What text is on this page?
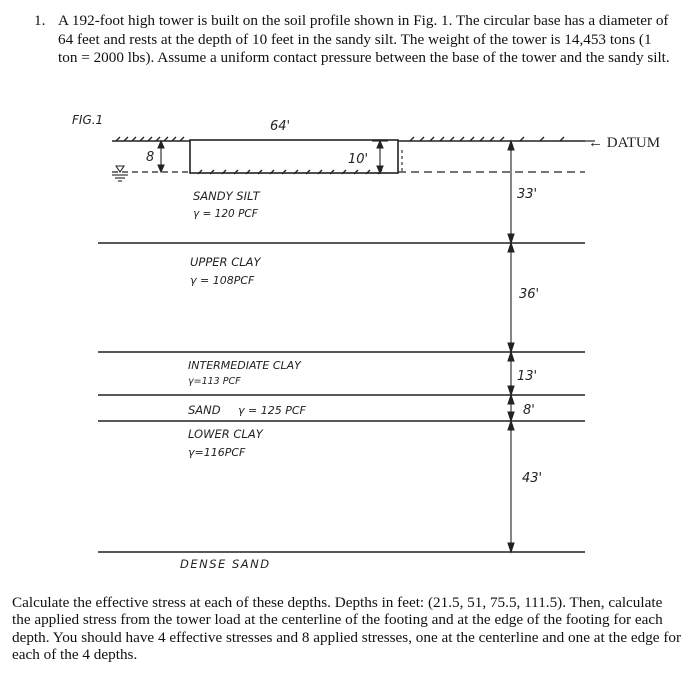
1. A 192-foot high tower is built on the soil profile shown in Fig. 1. The circular base has a diameter of 64 feet and rests at the depth of 10 feet in the sandy silt. The weight of the tower is 14,453 tons (1 ton = 2000 lbs). Assume a uniform contact pressure between the base of the tower and the sandy silt.
FIG.1
← DATUM
64'
8	10'
33'
36'
13'
8'
43'
SANDY SILT
γ = 120 PCF
UPPER CLAY
γ = 108PCF
INTERMEDIATE CLAY
γ=113 PCF
SAND γ = 125 PCF
LOWER CLAY
γ=116PCF
DENSE SAND
Calculate the effective stress at each of these depths. Depths in feet: (21.5, 51, 75.5, 111.5). Then, calculate the applied stress from the tower load at the centerline of the footing and at the edge of the footing for each depth. You should have 4 effective stresses and 8 applied stresses, one at the centerline and one at the edge for each of the 4 depths.
